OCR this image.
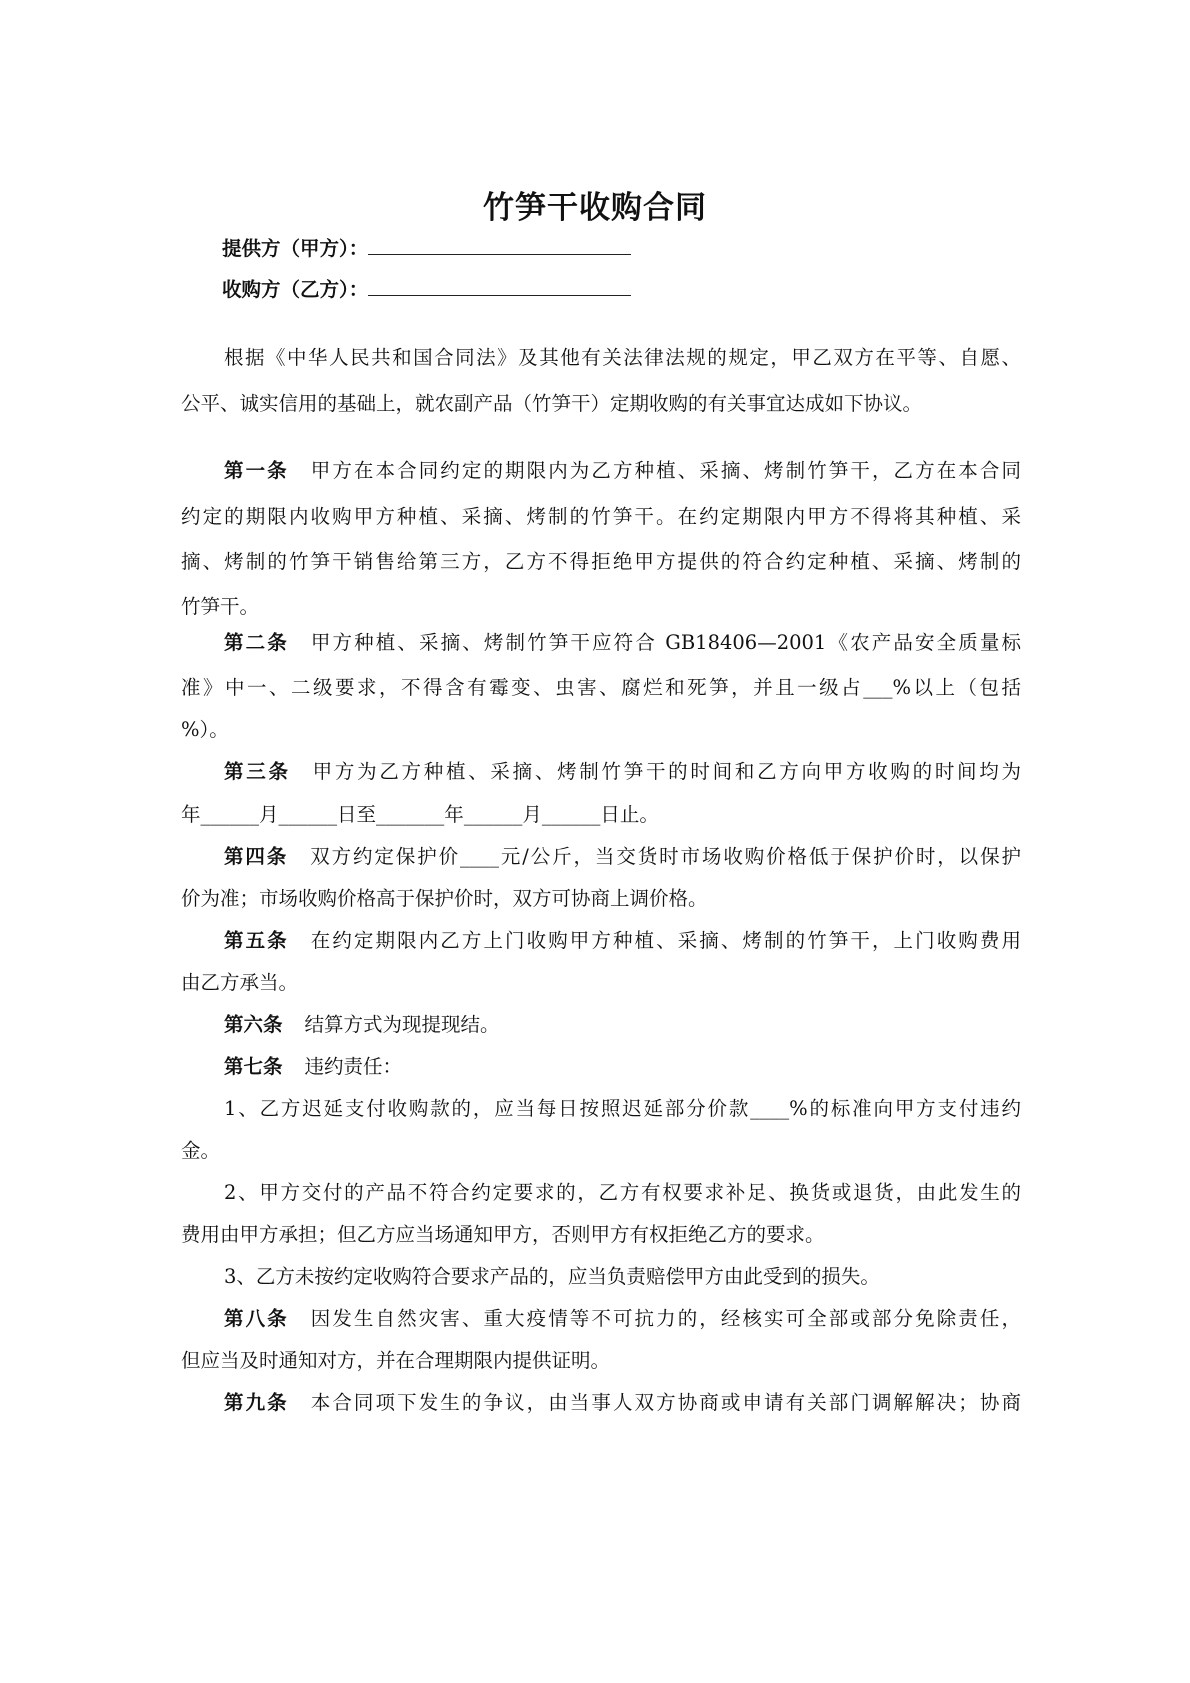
竹笋干收购合同
提供方（甲方）：
收购方（乙方）：
根据《中华人民共和国合同法》及其他有关法律法规的规定，甲乙双方在平等、自愿、
公平、诚实信用的基础上，就农副产品（竹笋干）定期收购的有关事宜达成如下协议。
第一条 甲方在本合同约定的期限内为乙方种植、采摘、烤制竹笋干，乙方在本合同
约定的期限内收购甲方种植、采摘、烤制的竹笋干。在约定期限内甲方不得将其种植、采
摘、烤制的竹笋干销售给第三方，乙方不得拒绝甲方提供的符合约定种植、采摘、烤制的
竹笋干。
第二条 甲方种植、采摘、烤制竹笋干应符合 GB18406—2001《农产品安全质量标
准》中一、二级要求，不得含有霉变、虫害、腐烂和死笋，并且一级占___%以上（包括
%）。
第三条 甲方为乙方种植、采摘、烤制竹笋干的时间和乙方向甲方收购的时间均为
年______月______日至_______年______月______日止。
第四条 双方约定保护价____元/公斤，当交货时市场收购价格低于保护价时，以保护
价为准；市场收购价格高于保护价时，双方可协商上调价格。
第五条 在约定期限内乙方上门收购甲方种植、采摘、烤制的竹笋干，上门收购费用
由乙方承当。
第六条 结算方式为现提现结。
第七条 违约责任：
1、乙方迟延支付收购款的，应当每日按照迟延部分价款____%的标准向甲方支付违约
金。
2、甲方交付的产品不符合约定要求的，乙方有权要求补足、换货或退货，由此发生的
费用由甲方承担；但乙方应当场通知甲方，否则甲方有权拒绝乙方的要求。
3、乙方未按约定收购符合要求产品的，应当负责赔偿甲方由此受到的损失。
第八条 因发生自然灾害、重大疫情等不可抗力的，经核实可全部或部分免除责任，
但应当及时通知对方，并在合理期限内提供证明。
第九条 本合同项下发生的争议，由当事人双方协商或申请有关部门调解解决；协商
